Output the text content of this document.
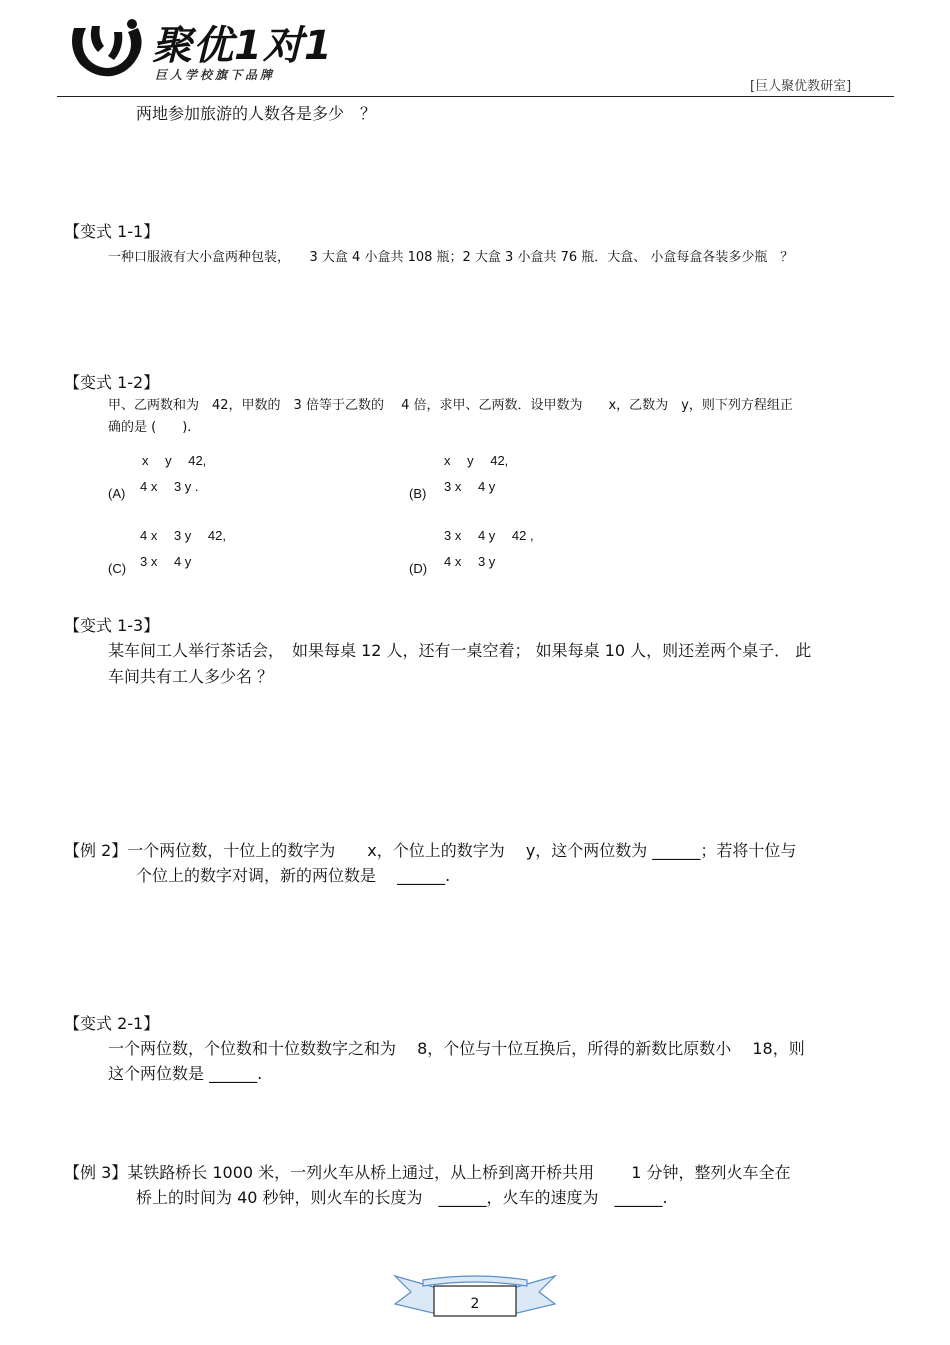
聚优1对1
巨人学校旗下品牌
[巨人聚优教研室]
两地参加旅游的人数各是多少　？
【变式 1-1】
一种口服液有大小盒两种包装，　　3 大盒 4 小盒共 108 瓶；2 大盒 3 小盒共 76 瓶．大盒、 小盒每盒各装多少瓶　？
【变式 1-2】
甲、乙两数和为　42，甲数的　3 倍等于乙数的　 4 倍，求甲、乙两数．设甲数为　　x，乙数为　y，则下列方程组正
确的是 (　　)．
x　 y　 42,
4 x　 3 y .
(A)
x　 y　 42,
3 x　 4 y
(B)
4 x　 3 y　 42,
3 x　 4 y
(C)
3 x　 4 y　 42 ,
4 x　 3 y
(D)
【变式 1-3】
某车间工人举行茶话会，　如果每桌 12 人，还有一桌空着； 如果每桌 10 人，则还差两个桌子． 此
车间共有工人多少名 ？
【例 2】一个两位数，十位上的数字为　　x，个位上的数字为　 y，这个两位数为 ______；若将十位与
个位上的数字对调，新的两位数是　 ______.
【变式 2-1】
一个两位数，个位数和十位数数字之和为　 8，个位与十位互换后，所得的新数比原数小　 18，则
这个两位数是 ______.
【例 3】某铁路桥长 1000 米，一列火车从桥上通过，从上桥到离开桥共用　　 1 分钟，整列火车全在
桥上的时间为 40 秒钟，则火车的长度为　______，火车的速度为　______.
2
